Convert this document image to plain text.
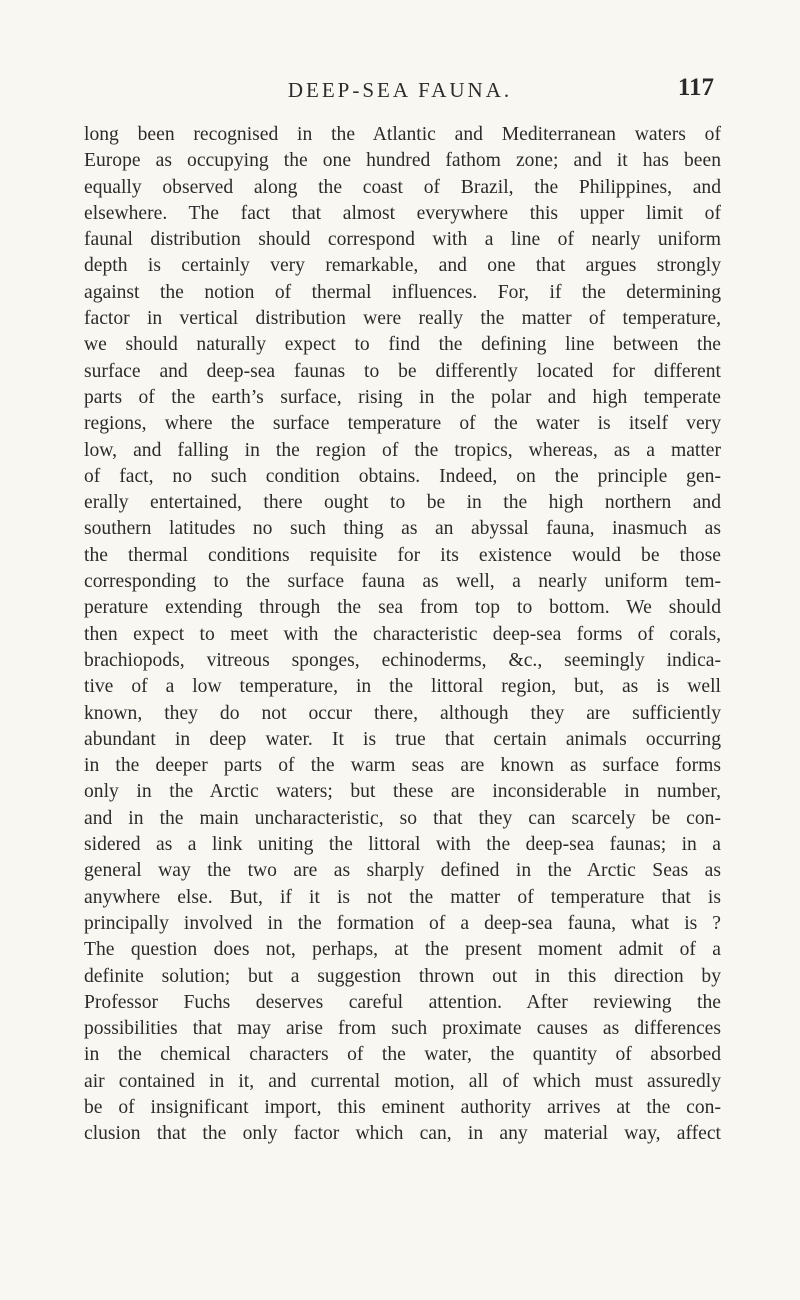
DEEP-SEA FAUNA.	117
long been recognised in the Atlantic and Mediterranean waters of
Europe as occupying the one hundred fathom zone; and it has been
equally observed along the coast of Brazil, the Philippines, and
elsewhere. The fact that almost everywhere this upper limit of
faunal distribution should correspond with a line of nearly uniform
depth is certainly very remarkable, and one that argues strongly
against the notion of thermal influences. For, if the determining
factor in vertical distribution were really the matter of temperature,
we should naturally expect to find the defining line between the
surface and deep-sea faunas to be differently located for different
parts of the earth’s surface, rising in the polar and high temperate
regions, where the surface temperature of the water is itself very
low, and falling in the region of the tropics, whereas, as a matter
of fact, no such condition obtains. Indeed, on the principle gen-
erally entertained, there ought to be in the high northern and
southern latitudes no such thing as an abyssal fauna, inasmuch as
the thermal conditions requisite for its existence would be those
corresponding to the surface fauna as well, a nearly uniform tem-
perature extending through the sea from top to bottom. We should
then expect to meet with the characteristic deep-sea forms of corals,
brachiopods, vitreous sponges, echinoderms, &c., seemingly indica-
tive of a low temperature, in the littoral region, but, as is well
known, they do not occur there, although they are sufficiently
abundant in deep water. It is true that certain animals occurring
in the deeper parts of the warm seas are known as surface forms
only in the Arctic waters; but these are inconsiderable in number,
and in the main uncharacteristic, so that they can scarcely be con-
sidered as a link uniting the littoral with the deep-sea faunas; in a
general way the two are as sharply defined in the Arctic Seas as
anywhere else. But, if it is not the matter of temperature that is
principally involved in the formation of a deep-sea fauna, what is ?
The question does not, perhaps, at the present moment admit of a
definite solution; but a suggestion thrown out in this direction by
Professor Fuchs deserves careful attention. After reviewing the
possibilities that may arise from such proximate causes as differences
in the chemical characters of the water, the quantity of absorbed
air contained in it, and currental motion, all of which must assuredly
be of insignificant import, this eminent authority arrives at the con-
clusion that the only factor which can, in any material way, affect
